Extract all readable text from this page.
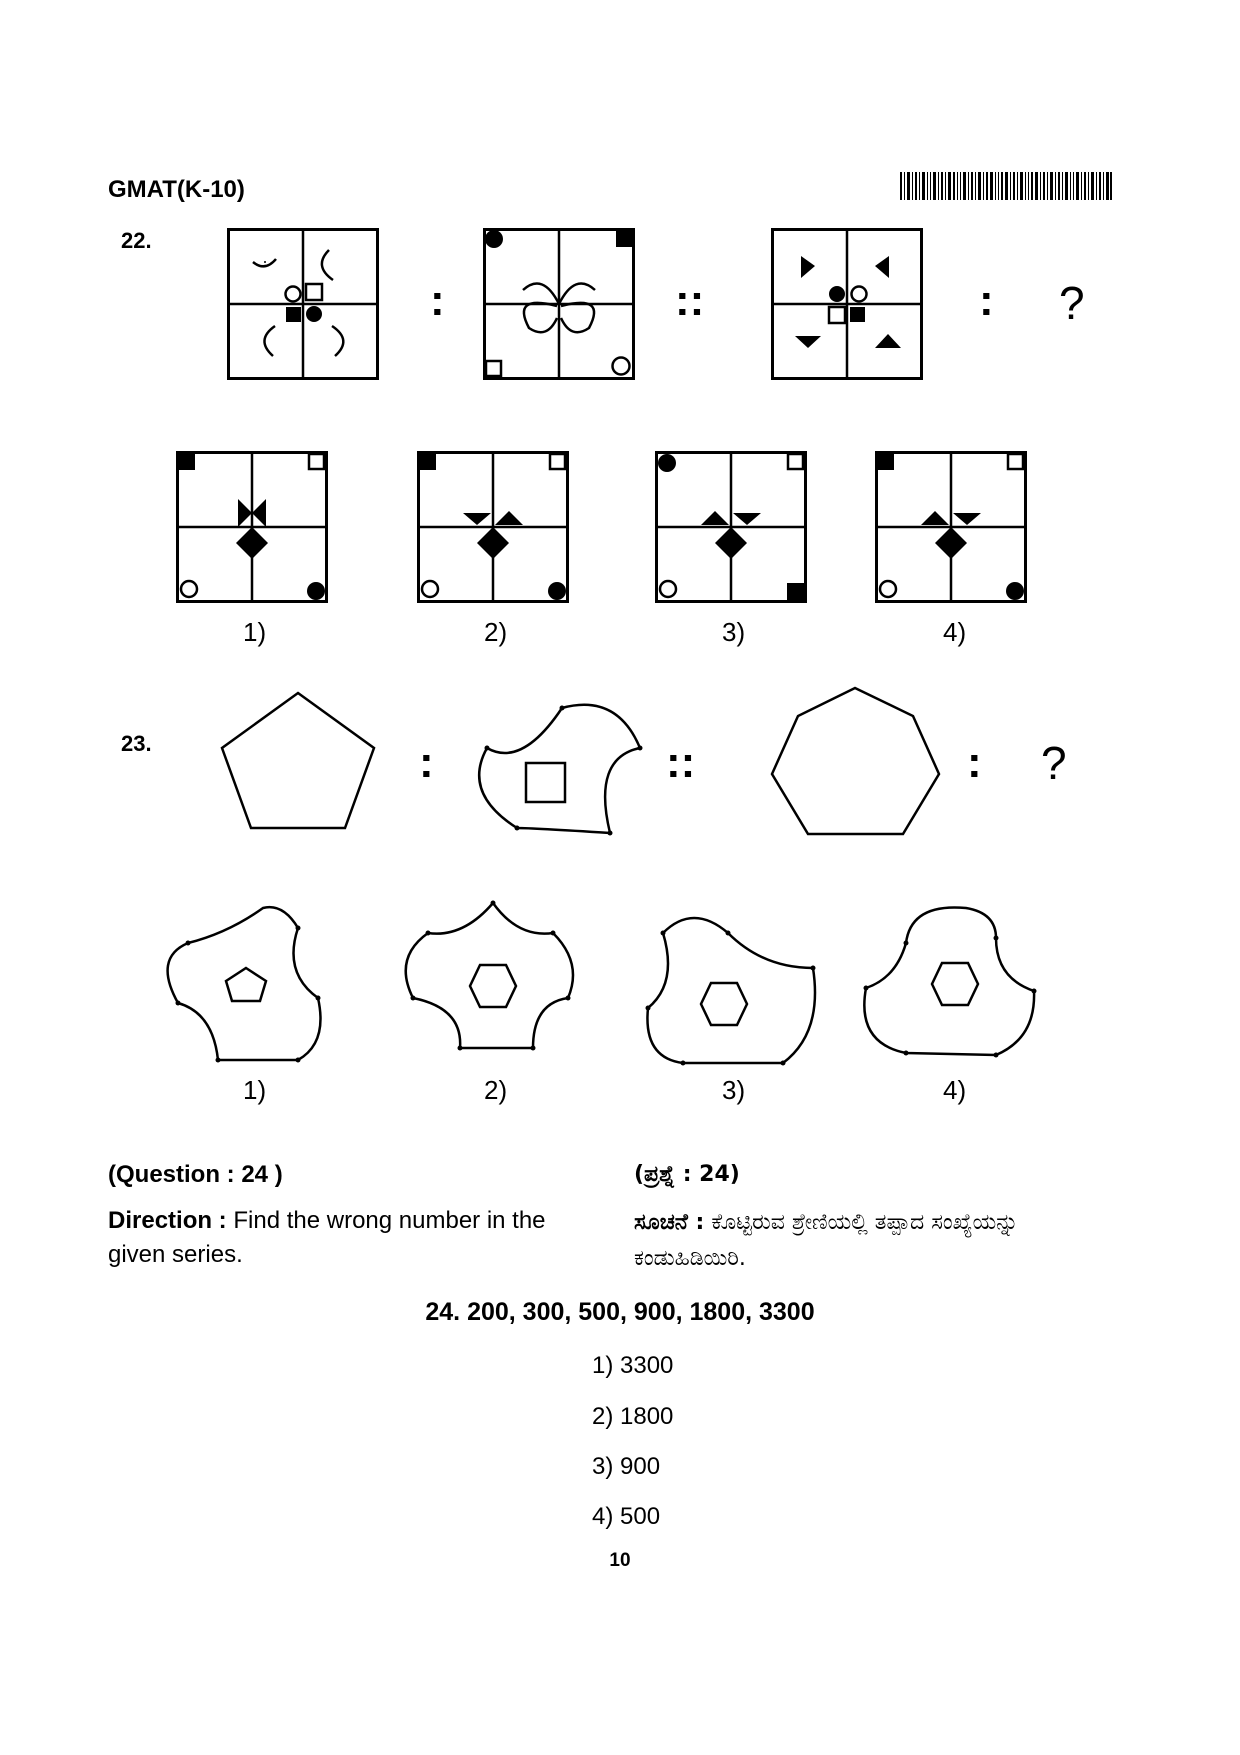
GMAT(K-10)
22.
:	::	: ?
1)	2)	3)	4)
23.	:	::	: ?
1)	2)	3)	4)
(Question : 24 )	(ಪ್ರಶ್ನೆ : 24)
Direction : Find the wrong number in the
given series.
ಸೂಚನೆ : ಕೊಟ್ಟಿರುವ ಶ್ರೇಣಿಯಲ್ಲಿ ತಪ್ಪಾದ ಸಂಖ್ಯೆಯನ್ನು
ಕಂಡುಹಿಡಿಯಿರಿ.
24. 200, 300, 500, 900, 1800, 3300
1) 3300
2) 1800
3) 900
4) 500
10
